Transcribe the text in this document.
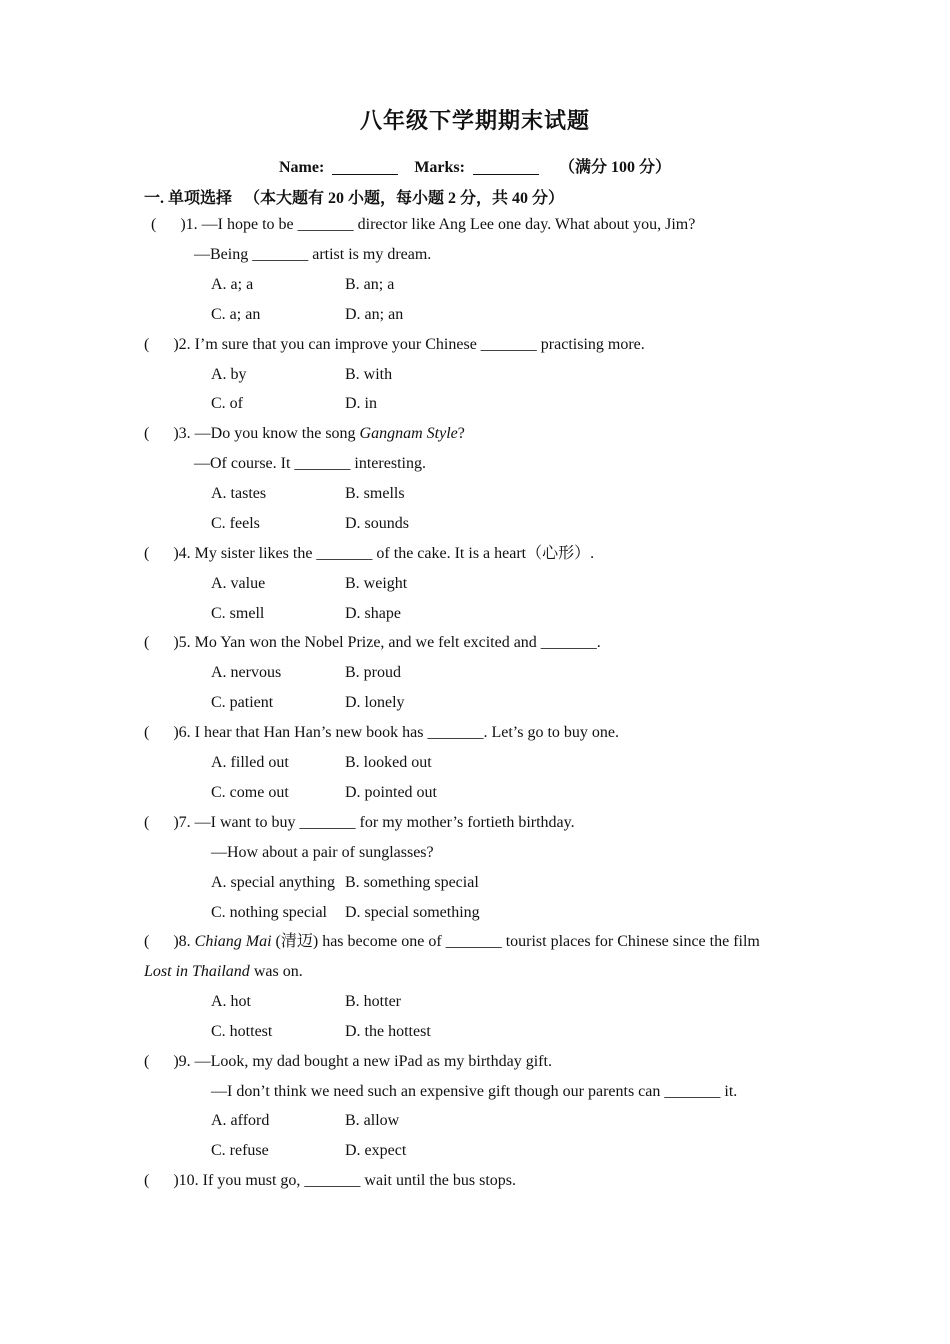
八年级下学期期末试题
Name:	Marks:	（满分 100 分）
一. 单项选择 （本大题有 20 小题，每小题 2 分，共 40 分）
(      )1. —I hope to be _______ director like Ang Lee one day. What about you, Jim?
—Being _______ artist is my dream.
A. a; a	B. an; a
C. a; an	D. an; an
(      )2. I’m sure that you can improve your Chinese _______ practising more.
A. by	B. with
C. of	D. in
(      )3. —Do you know the song Gangnam Style?
—Of course. It _______ interesting.
A. tastes	B. smells
C. feels	D. sounds
(      )4. My sister likes the _______ of the cake. It is a heart（心形）.
A. value	B. weight
C. smell	D. shape
(      )5. Mo Yan won the Nobel Prize, and we felt excited and _______.
A. nervous	B. proud
C. patient	D. lonely
(      )6. I hear that Han Han’s new book has _______. Let’s go to buy one.
A. filled out	B. looked out
C. come out	D. pointed out
(      )7. —I want to buy _______ for my mother’s fortieth birthday.
—How about a pair of sunglasses?
A. special anything B. something special
C. nothing special D. special something
(      )8. Chiang Mai (清迈) has become one of _______ tourist places for Chinese since the film
Lost in Thailand was on.
A. hot	B. hotter
C. hottest	D. the hottest
(      )9. —Look, my dad bought a new iPad as my birthday gift.
—I don’t think we need such an expensive gift though our parents can _______ it.
A. afford	B. allow
C. refuse	D. expect
(      )10. If you must go, _______ wait until the bus stops.
